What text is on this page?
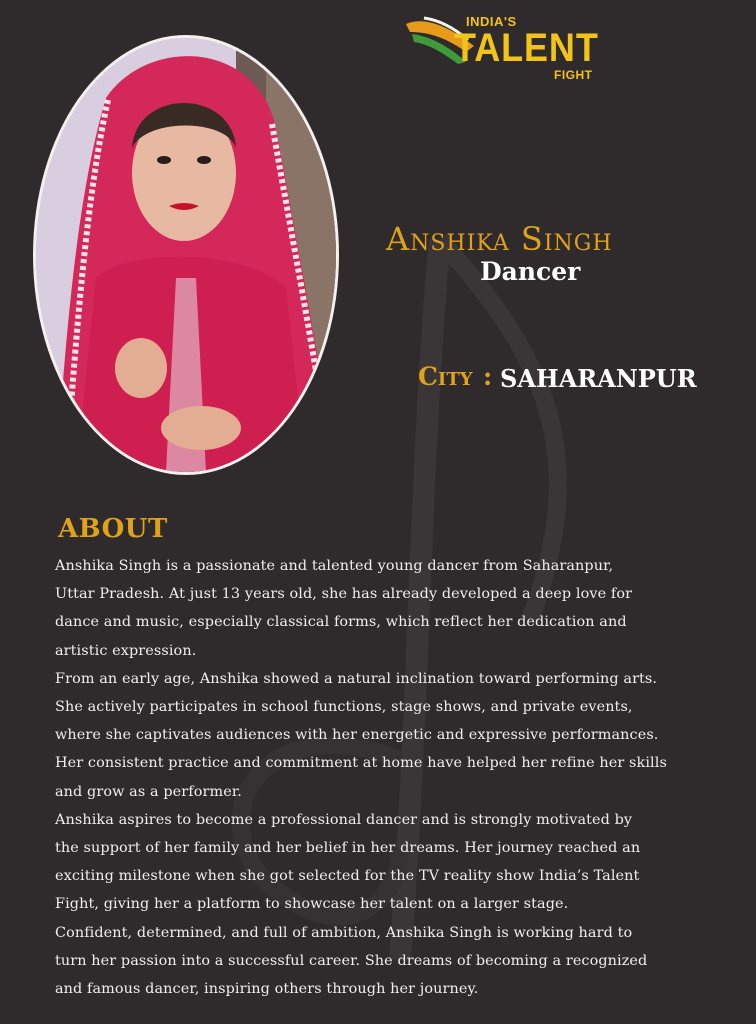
INDIA'S
TALENT
FIGHT
Anshika Singh
Dancer
City : SAHARANPUR
ABOUT
Anshika Singh is a passionate and talented young dancer from Saharanpur,
Uttar Pradesh. At just 13 years old, she has already developed a deep love for
dance and music, especially classical forms, which reflect her dedication and
artistic expression.
From an early age, Anshika showed a natural inclination toward performing arts.
She actively participates in school functions, stage shows, and private events,
where she captivates audiences with her energetic and expressive performances.
Her consistent practice and commitment at home have helped her refine her skills
and grow as a performer.
Anshika aspires to become a professional dancer and is strongly motivated by
the support of her family and her belief in her dreams. Her journey reached an
exciting milestone when she got selected for the TV reality show India’s Talent
Fight, giving her a platform to showcase her talent on a larger stage.
Confident, determined, and full of ambition, Anshika Singh is working hard to
turn her passion into a successful career. She dreams of becoming a recognized
and famous dancer, inspiring others through her journey.
